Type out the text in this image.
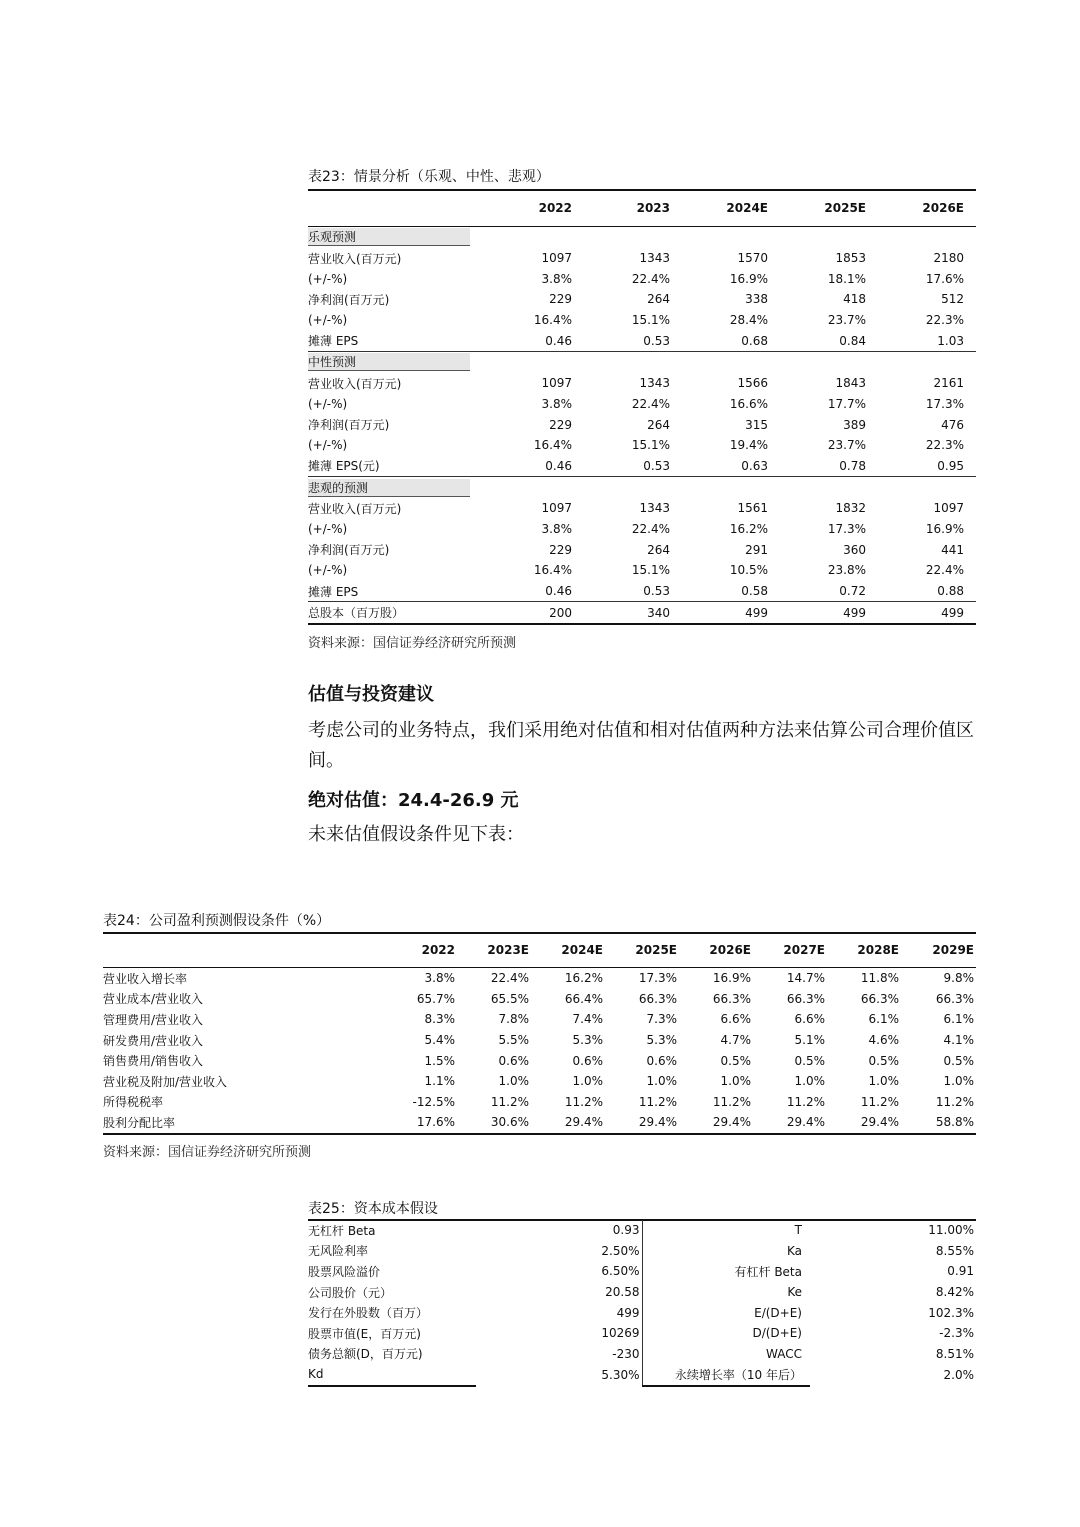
表23：情景分析（乐观、中性、悲观）
	2022	2023	2024E	2025E	2026E
乐观预测					
营业收入(百万元)	1097	1343	1570	1853	2180
(+/-%)	3.8%	22.4%	16.9%	18.1%	17.6%
净利润(百万元)	229	264	338	418	512
(+/-%)	16.4%	15.1%	28.4%	23.7%	22.3%
摊薄 EPS	0.46	0.53	0.68	0.84	1.03
中性预测					
营业收入(百万元)	1097	1343	1566	1843	2161
(+/-%)	3.8%	22.4%	16.6%	17.7%	17.3%
净利润(百万元)	229	264	315	389	476
(+/-%)	16.4%	15.1%	19.4%	23.7%	22.3%
摊薄 EPS(元)	0.46	0.53	0.63	0.78	0.95
悲观的预测					
营业收入(百万元)	1097	1343	1561	1832	1097
(+/-%)	3.8%	22.4%	16.2%	17.3%	16.9%
净利润(百万元)	229	264	291	360	441
(+/-%)	16.4%	15.1%	10.5%	23.8%	22.4%
摊薄 EPS	0.46	0.53	0.58	0.72	0.88
总股本（百万股）	200	340	499	499	499
资料来源：国信证券经济研究所预测
估值与投资建议
考虑公司的业务特点，我们采用绝对估值和相对估值两种方法来估算公司合理价值区间。
绝对估值：24.4-26.9 元
未来估值假设条件见下表：
表24：公司盈利预测假设条件（%）
	2022	2023E	2024E	2025E	2026E	2027E	2028E	2029E
营业收入增长率	3.8%	22.4%	16.2%	17.3%	16.9%	14.7%	11.8%	9.8%
营业成本/营业收入	65.7%	65.5%	66.4%	66.3%	66.3%	66.3%	66.3%	66.3%
管理费用/营业收入	8.3%	7.8%	7.4%	7.3%	6.6%	6.6%	6.1%	6.1%
研发费用/营业收入	5.4%	5.5%	5.3%	5.3%	4.7%	5.1%	4.6%	4.1%
销售费用/销售收入	1.5%	0.6%	0.6%	0.6%	0.5%	0.5%	0.5%	0.5%
营业税及附加/营业收入	1.1%	1.0%	1.0%	1.0%	1.0%	1.0%	1.0%	1.0%
所得税税率	-12.5%	11.2%	11.2%	11.2%	11.2%	11.2%	11.2%	11.2%
股利分配比率	17.6%	30.6%	29.4%	29.4%	29.4%	29.4%	29.4%	58.8%
资料来源：国信证券经济研究所预测
表25：资本成本假设
无杠杆 Beta	0.93	T	11.00%
无风险利率	2.50%	Ka	8.55%
股票风险溢价	6.50%	有杠杆 Beta	0.91
公司股价（元）	20.58	Ke	8.42%
发行在外股数（百万）	499	E/(D+E)	102.3%
股票市值(E，百万元)	10269	D/(D+E)	-2.3%
债务总额(D，百万元)	-230	WACC	8.51%
Kd	5.30%	永续增长率（10 年后）	2.0%
